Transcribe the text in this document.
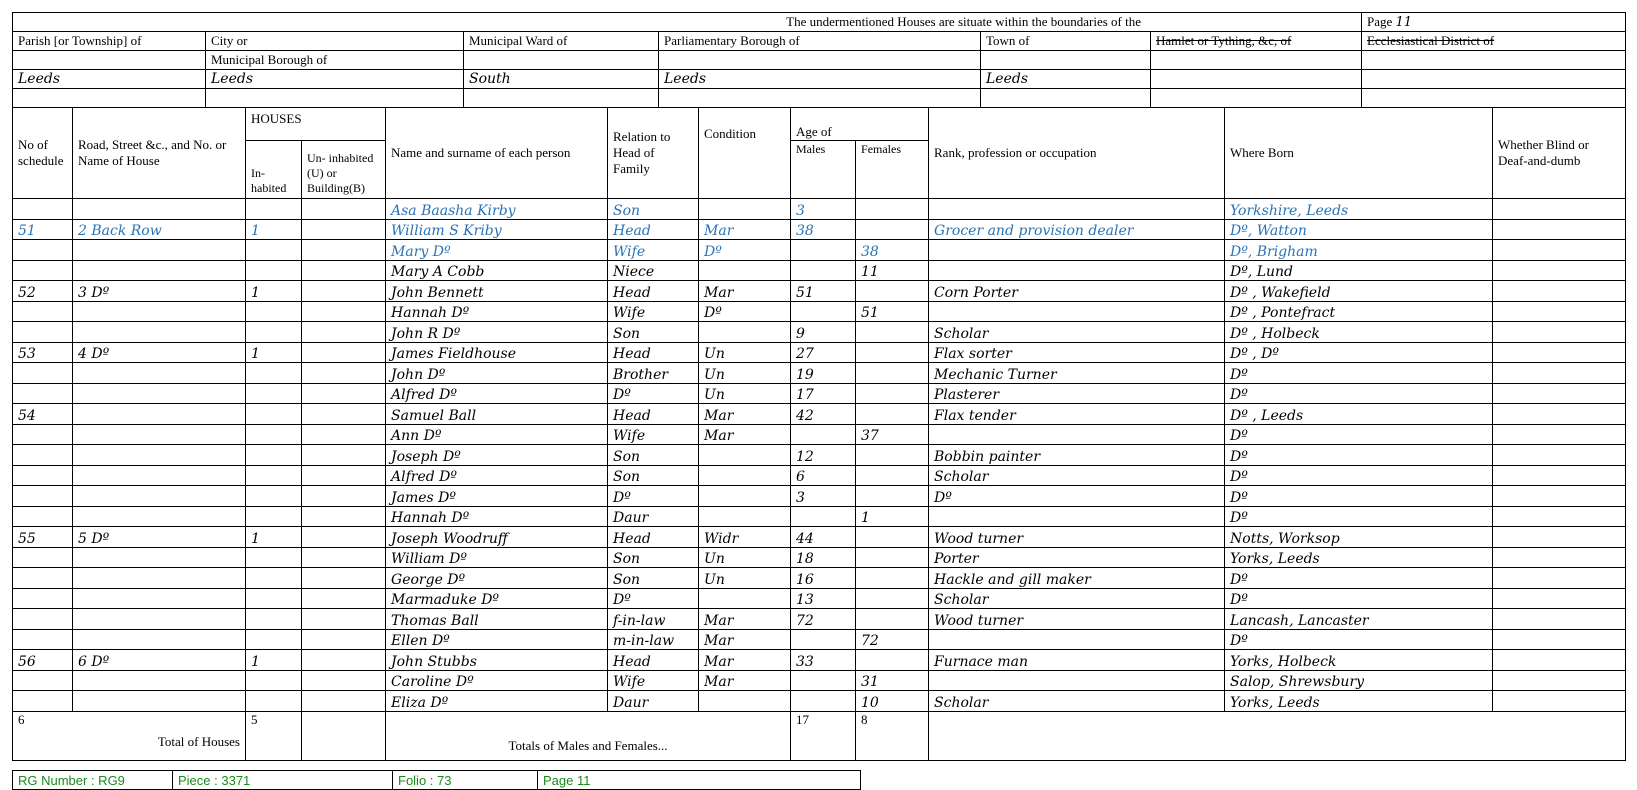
The undermentioned Houses are situate within the boundaries of the						Page 11
Parish [or Township] of	City or	Municipal Ward of	Parliamentary Borough of	Town of	Hamlet or Tything, &c, of	Ecclesiastical District of
	Municipal Borough of					
Leeds	Leeds	South	Leeds	Leeds		

No of schedule	Road, Street &c., and No. or Name of House	HOUSES		Name and surname of each person	Relation to Head of Family	Condition	Age of		Rank, profession or occupation	Where Born	Whether Blind or Deaf-and-dumb
		In- habited	Un- inhabited (U) or Building(B)				Males	Females			

				Asa Baasha Kirby	Son		3			Yorkshire, Leeds	
51	2 Back Row	1		William S Kriby	Head	Mar	38		Grocer and provision dealer	Dº, Watton	
				Mary Dº	Wife	Dº		38		Dº, Brigham	
				Mary A Cobb	Niece			11		Dº, Lund	
52	3 Dº	1		John Bennett	Head	Mar	51		Corn Porter	Dº , Wakefield	
				Hannah Dº	Wife	Dº		51		Dº , Pontefract	
				John R Dº	Son		9		Scholar	Dº , Holbeck	
53	4 Dº	1		James Fieldhouse	Head	Un	27		Flax sorter	Dº , Dº	
				John Dº	Brother	Un	19		Mechanic Turner	Dº	
				Alfred Dº	Dº	Un	17		Plasterer	Dº	
54				Samuel Ball	Head	Mar	42		Flax tender	Dº , Leeds	
				Ann Dº	Wife	Mar		37		Dº	
				Joseph Dº	Son		12		Bobbin painter	Dº	
				Alfred Dº	Son		6		Scholar	Dº	
				James Dº	Dº		3		Dº	Dº	
				Hannah Dº	Daur			1		Dº	
55	5 Dº	1		Joseph Woodruff	Head	Widr	44		Wood turner	Notts, Worksop	
				William Dº	Son	Un	18		Porter	Yorks, Leeds	
				George Dº	Son	Un	16		Hackle and gill maker	Dº	
				Marmaduke Dº	Dº		13		Scholar	Dº	
				Thomas Ball	f-in-law	Mar	72		Wood turner	Lancash, Lancaster	
				Ellen Dº	m-in-law	Mar		72		Dº	
56	6 Dº	1		John Stubbs	Head	Mar	33		Furnace man	Yorks, Holbeck	
				Caroline Dº	Wife	Mar		31		Salop, Shrewsbury	
				Eliza Dº	Daur			10	Scholar	Yorks, Leeds	

6
Total of Houses		5		Totals of Males and Females...			17	8			
RG Number : RG9	Piece : 3371	Folio : 73	Page 11
